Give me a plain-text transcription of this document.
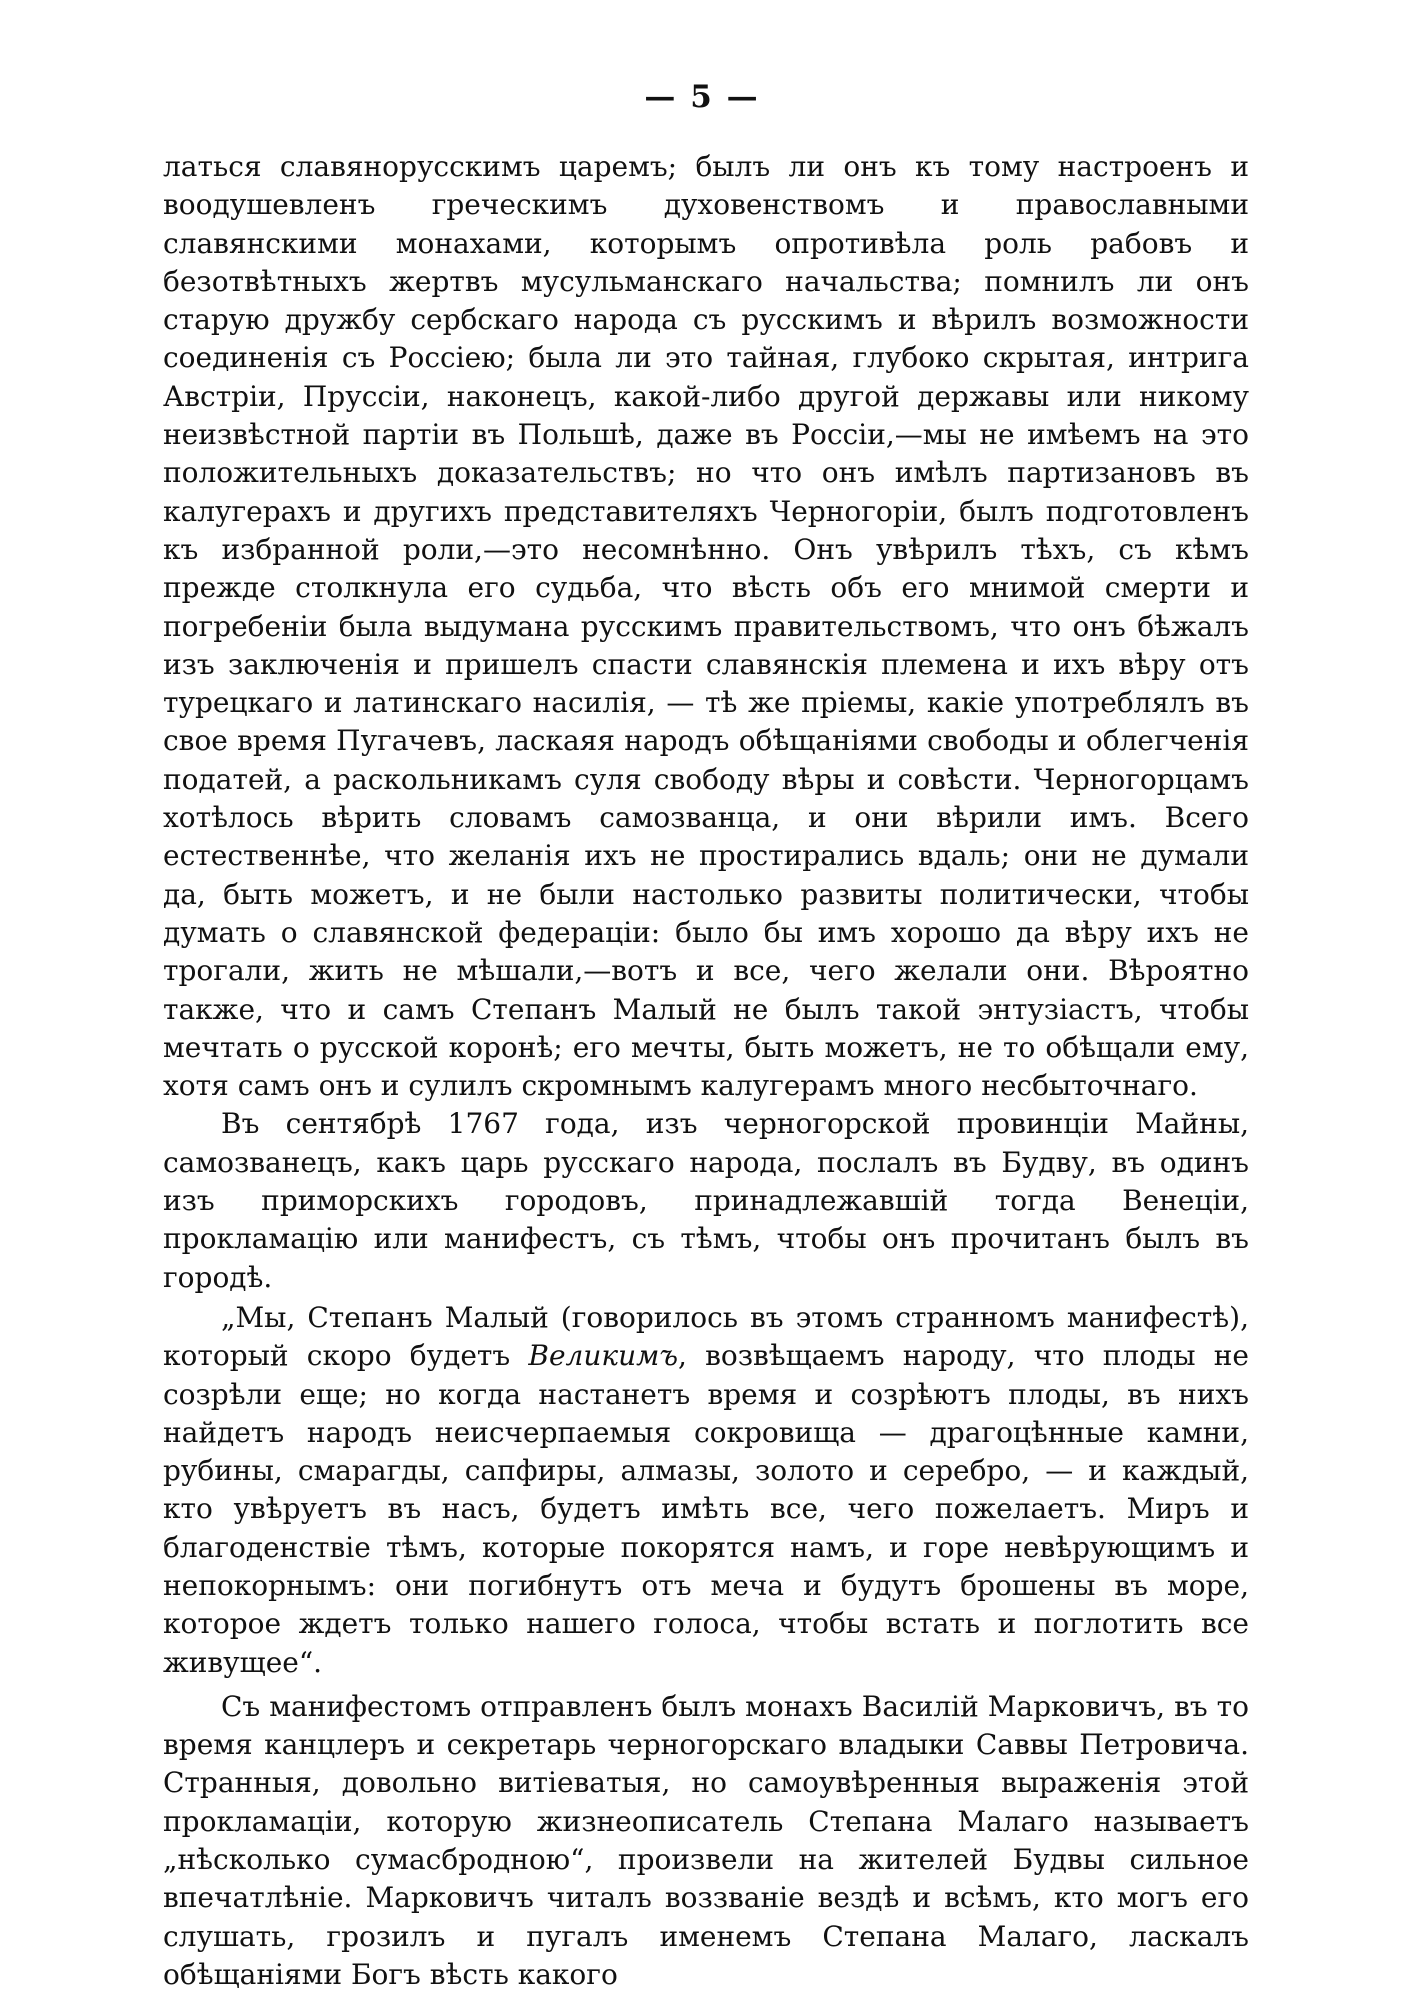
— 5 —

латься славянорусскимъ царемъ; былъ ли онъ къ тому настроенъ и воодушевленъ греческимъ духовенствомъ и православными славянскими монахами, которымъ опротивѣла роль рабовъ и безотвѣтныхъ жертвъ мусульманскаго начальства; помнилъ ли онъ старую дружбу сербскаго народа съ русскимъ и вѣрилъ возможности соединенія съ Россіею; была ли это тайная, глубоко скрытая, интрига Австріи, Пруссіи, наконецъ, какой-либо другой державы или никому неизвѣстной партіи въ Польшѣ, даже въ Россіи,—мы не имѣемъ на это положительныхъ доказательствъ; но что онъ имѣлъ партизановъ въ калугерахъ и другихъ представителяхъ Черногоріи, былъ подготовленъ къ избранной роли,—это несомнѣнно. Онъ увѣрилъ тѣхъ, съ кѣмъ прежде столкнула его судьба, что вѣсть объ его мнимой смерти и погребеніи была выдумана русскимъ правительствомъ, что онъ бѣжалъ изъ заключенія и пришелъ спасти славянскія племена и ихъ вѣру отъ турецкаго и латинскаго насилія, — тѣ же пріемы, какіе употреблялъ въ свое время Пугачевъ, ласкаяя народъ обѣщаніями свободы и облегченія податей, а раскольникамъ суля свободу вѣры и совѣсти. Черногорцамъ хотѣлось вѣрить словамъ самозванца, и они вѣрили имъ. Всего естественнѣе, что желанія ихъ не простирались вдаль; они не думали да, быть можетъ, и не были настолько развиты политически, чтобы думать о славянской федераціи: было бы имъ хорошо да вѣру ихъ не трогали, жить не мѣшали,—вотъ и все, чего желали они. Вѣроятно также, что и самъ Степанъ Малый не былъ такой энтузіастъ, чтобы мечтать о русской коронѣ; его мечты, быть можетъ, не то обѣщали ему, хотя самъ онъ и сулилъ скромнымъ калугерамъ много несбыточнаго.

Въ сентябрѣ 1767 года, изъ черногорской провинціи Майны, самозванецъ, какъ царь русскаго народа, послалъ въ Будву, въ одинъ изъ приморскихъ городовъ, принадлежавшій тогда Венеціи, прокламацію или манифестъ, съ тѣмъ, чтобы онъ прочитанъ былъ въ городѣ.

„Мы, Степанъ Малый (говорилось въ этомъ странномъ манифестѣ), который скоро будетъ Великимъ, возвѣщаемъ народу, что плоды не созрѣли еще; но когда настанетъ время и созрѣютъ плоды, въ нихъ найдетъ народъ неисчерпаемыя сокровища — драгоцѣнные камни, рубины, смарагды, сапфиры, алмазы, золото и серебро, — и каждый, кто увѣруетъ въ насъ, будетъ имѣть все, чего пожелаетъ. Миръ и благоденствіе тѣмъ, которые покорятся намъ, и горе невѣрующимъ и непокорнымъ: они погибнутъ отъ меча и будутъ брошены въ море, которое ждетъ только нашего голоса, чтобы встать и поглотить все живущее“.

Съ манифестомъ отправленъ былъ монахъ Василій Марковичъ, въ то время канцлеръ и секретарь черногорскаго владыки Саввы Петровича. Странныя, довольно витіеватыя, но самоувѣренныя выраженія этой прокламаціи, которую жизнеописатель Степана Малаго называетъ „нѣсколько сумасбродною“, произвели на жителей Будвы сильное впечатлѣніе. Марковичъ читалъ воззваніе вездѣ и всѣмъ, кто могъ его слушать, грозилъ и пугалъ именемъ Степана Малаго, ласкалъ обѣщаніями Богъ вѣсть какого
